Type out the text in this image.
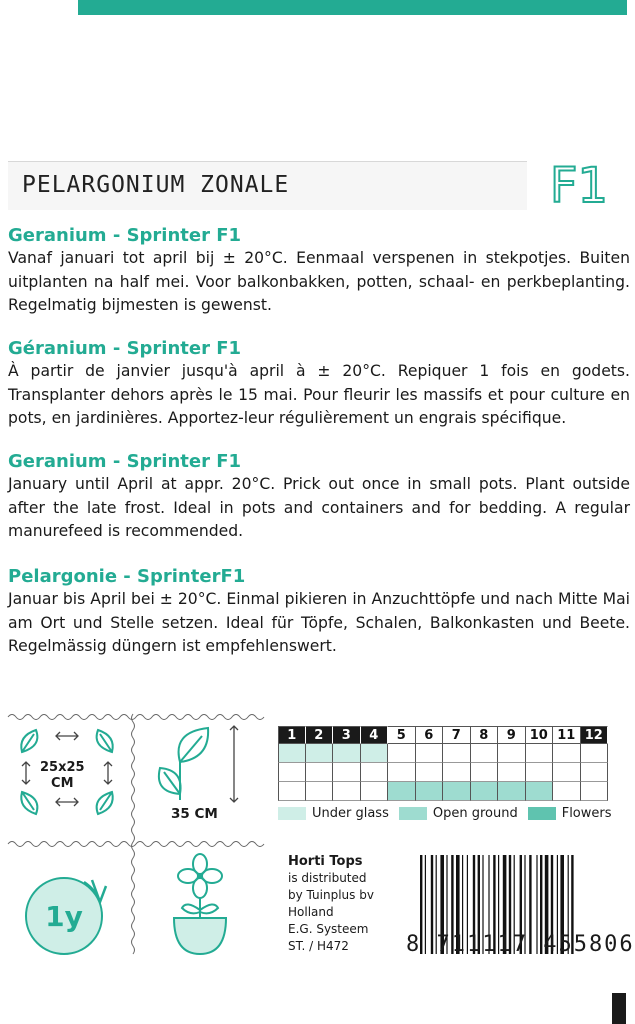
PELARGONIUM ZONALE	F1
Geranium - Sprinter F1
Vanaf januari tot april bij ± 20°C. Eenmaal verspenen in stekpotjes. Buiten uitplanten na half mei. Voor balkonbakken, potten, schaal- en perkbeplanting. Regelmatig bijmesten is gewenst.
Géranium - Sprinter F1
À partir de janvier jusqu'à april à ± 20°C. Repiquer 1 fois en godets. Transplanter dehors après le 15 mai. Pour fleurir les massifs et pour culture en pots, en jardinières. Apportez-leur régulièrement un engrais spécifique.
Geranium - Sprinter F1
January until April at appr. 20°C. Prick out once in small pots. Plant outside after the late frost. Ideal in pots and containers and for bedding. A regular manurefeed is recommended.
Pelargonie - SprinterF1
Januar bis April bei ± 20°C. Einmal pikieren in Anzuchttöpfe und nach Mitte Mai am Ort und Stelle setzen. Ideal für Töpfe, Schalen, Balkonkasten und Beete. Regelmässig düngern ist empfehlenswert.
25x25
CM
35 CM
1y
1	2	3	4	5	6	7	8	9	10 11 12
Under glass	Open ground	Flowers
Horti Tops
is distributed
by Tuinplus bv
Holland
E.G. Systeem
ST. / H472	8 711117 455806
